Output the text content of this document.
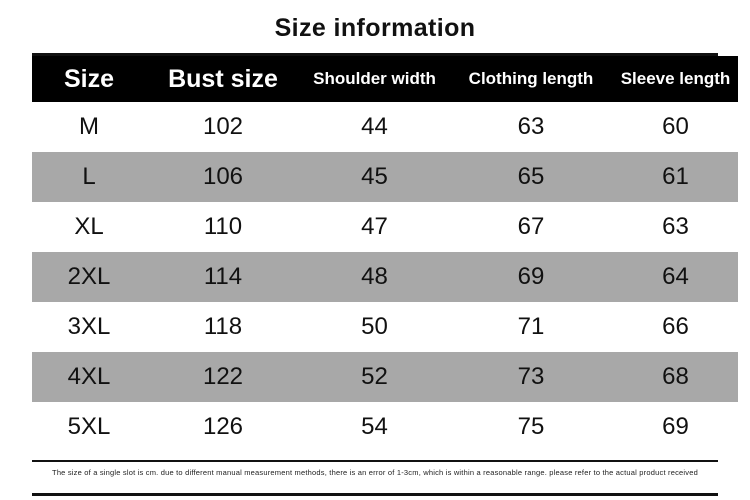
Size information
Size	Bust size	Shoulder width	Clothing length	Sleeve length
M	102	44	63	60
L	106	45	65	61
XL	110	47	67	63
2XL	114	48	69	64
3XL	118	50	71	66
4XL	122	52	73	68
5XL	126	54	75	69
The size of a single slot is cm. due to different manual measurement methods, there is an error of 1-3cm, which is within a reasonable range. please refer to the actual product received
